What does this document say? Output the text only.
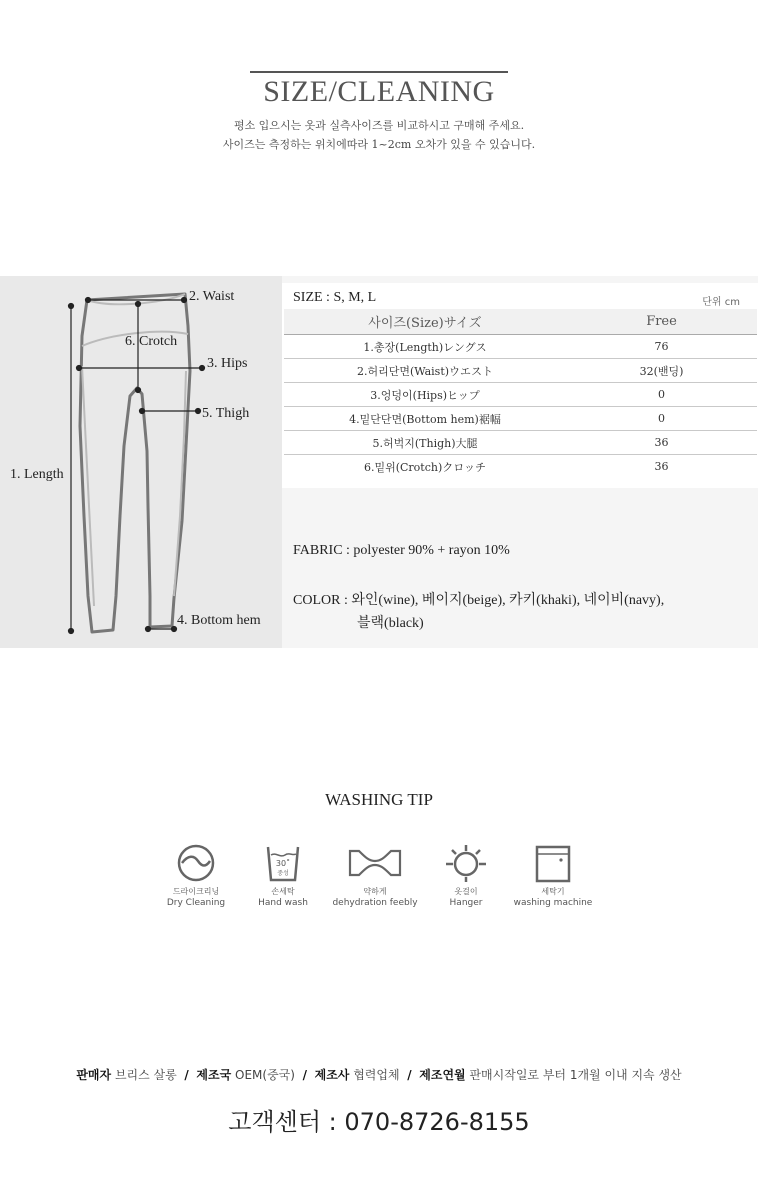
SIZE/CLEANING
평소 입으시는 옷과 실측사이즈를 비교하시고 구매해 주세요.
사이즈는 측정하는 위치에따라 1~2cm 오차가 있을 수 있습니다.
2. Waist
6. Crotch
3. Hips
5. Thigh
1. Length
4. Bottom hem
SIZE : S, M, L	단위 cm
사이즈(Size)サイズ	Free
1.총장(Length)レングス	76
2.허리단면(Waist)ウエスト	32(밴딩)
3.엉덩이(Hips)ヒップ	0
4.밑단단면(Bottom hem)裾幅	0
5.허벅지(Thigh)大腿	36
6.밑위(Crotch)クロッチ	36
FABRIC : polyester 90% + rayon 10%
COLOR : 와인(wine), 베이지(beige), 카키(khaki), 네이비(navy),
블랙(black)
WASHING TIP
드라이크리닝
Dry Cleaning
30˚
중성
손세탁
Hand wash
약하게
dehydration feebly
옷걸이
Hanger
세탁기
washing machine
판매자 브리스 살롱 / 제조국 OEM(중국) / 제조사 협력업체 / 제조연월 판매시작일로 부터 1개월 이내 지속 생산
고객센터 : 070-8726-8155
